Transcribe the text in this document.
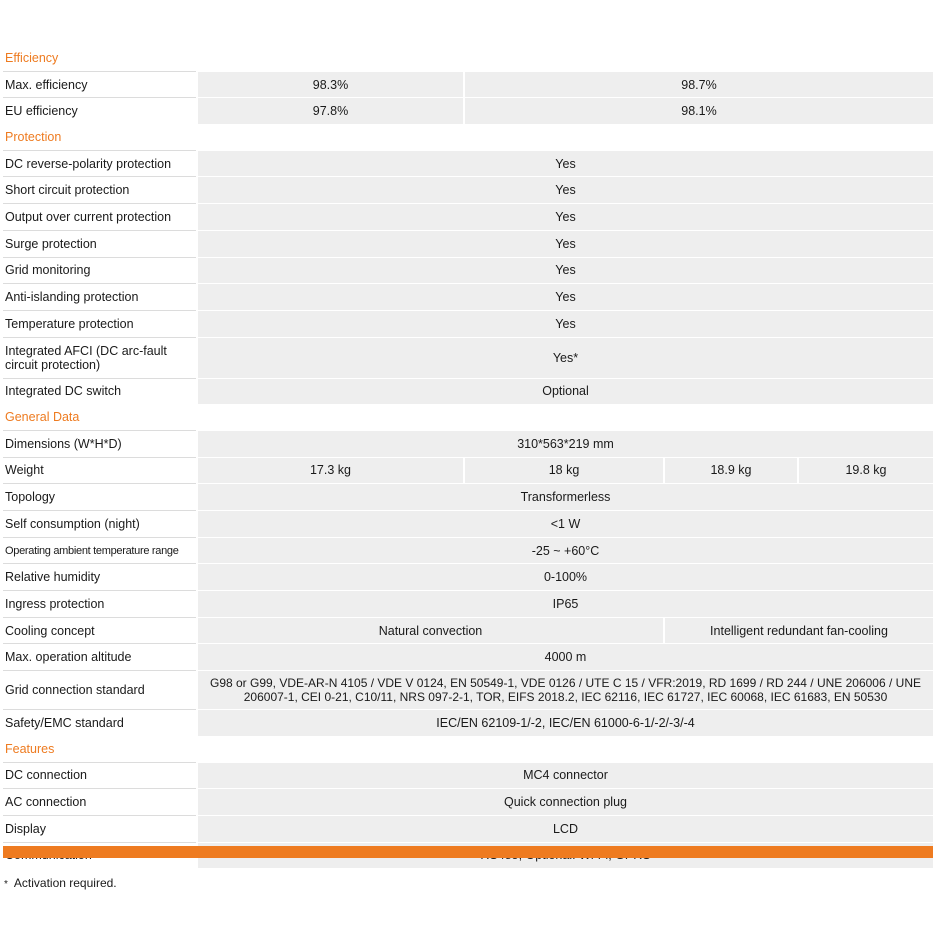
Efficiency				
Max. efficiency	98.3%	98.7%		
EU efficiency	97.8%	98.1%		
Protection				
DC reverse-polarity protection	Yes			
Short circuit protection	Yes			
Output over current protection	Yes			
Surge protection	Yes			
Grid monitoring	Yes			
Anti-islanding protection	Yes			
Temperature protection	Yes			
Integrated AFCI (DC arc-fault circuit protection)	Yes*			
Integrated DC switch	Optional			
General Data				
Dimensions (W*H*D)	310*563*219 mm			
Weight	17.3 kg	18 kg	18.9 kg	19.8 kg
Topology	Transformerless			
Self consumption (night)	<1 W			
Operating ambient temperature range	-25 ~ +60°C			
Relative humidity	0-100%			
Ingress protection	IP65			
Cooling concept	Natural convection		Intelligent redundant fan-cooling	
Max. operation altitude	4000 m			
Grid connection standard	G98 or G99, VDE-AR-N 4105 / VDE V 0124, EN 50549-1, VDE 0126 / UTE C 15 / VFR:2019, RD 1699 / RD 244 / UNE 206006 / UNE 206007-1, CEI 0-21, C10/11, NRS 097-2-1, TOR, EIFS 2018.2, IEC 62116, IEC 61727, IEC 60068, IEC 61683, EN 50530			
Safety/EMC standard	IEC/EN 62109-1/-2, IEC/EN 61000-6-1/-2/-3/-4			
Features				
DC connection	MC4 connector			
AC connection	Quick connection plug			
Display	LCD			

* Activation required.
